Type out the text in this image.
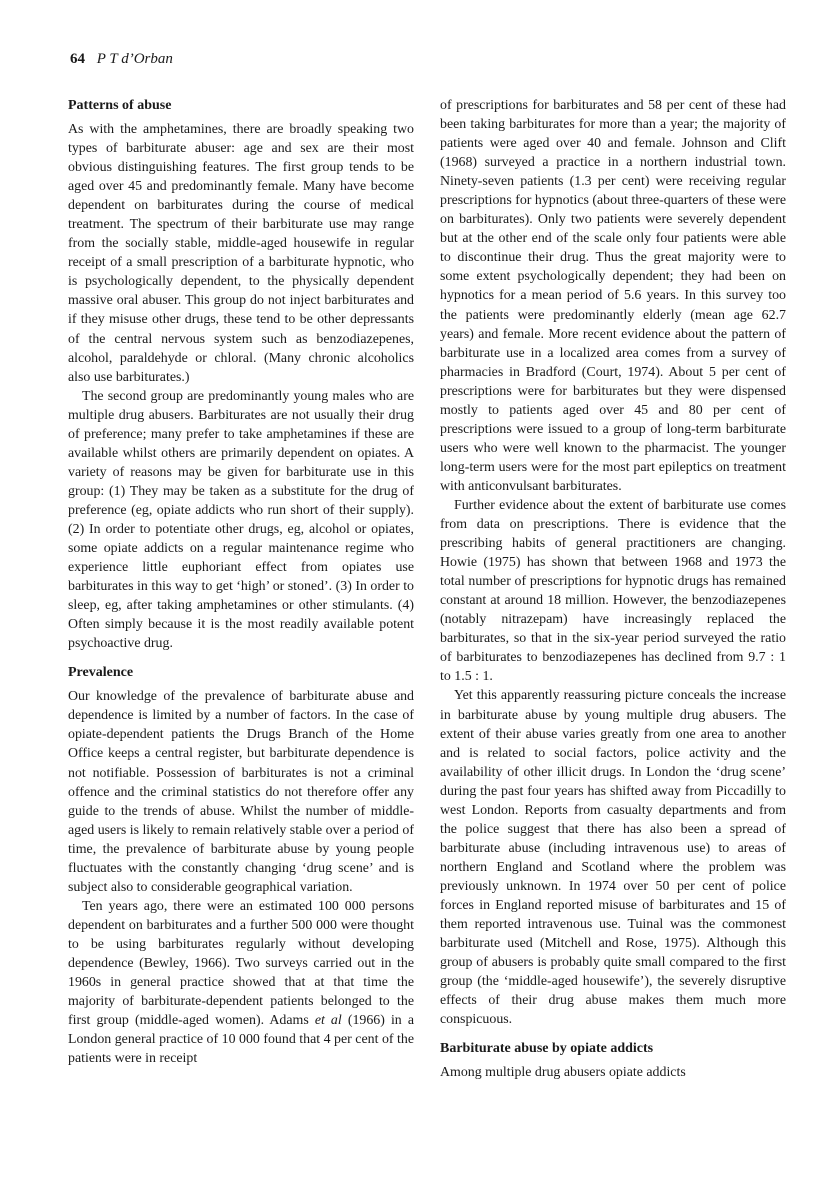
64 P T d’Orban
Patterns of abuse

As with the amphetamines, there are broadly speaking two types of barbiturate abuser: age and sex are their most obvious distinguishing features. The first group tends to be aged over 45 and predominantly female. Many have become dependent on barbiturates during the course of medical treatment. The spectrum of their barbiturate use may range from the socially stable, middle-aged housewife in regular receipt of a small prescription of a barbiturate hypnotic, who is psychologically dependent, to the physically dependent massive oral abuser. This group do not inject barbiturates and if they misuse other drugs, these tend to be other depressants of the central nervous system such as benzodiazepenes, alcohol, paraldehyde or chloral. (Many chronic alcoholics also use barbiturates.)

The second group are predominantly young males who are multiple drug abusers. Barbiturates are not usually their drug of preference; many prefer to take amphetamines if these are available whilst others are primarily dependent on opiates. A variety of reasons may be given for barbiturate use in this group: (1) They may be taken as a substitute for the drug of preference (eg, opiate addicts who run short of their supply). (2) In order to potentiate other drugs, eg, alcohol or opiates, some opiate addicts on a regular maintenance regime who experience little euphoriant effect from opiates use barbiturates in this way to get ‘high’ or stoned’. (3) In order to sleep, eg, after taking amphetamines or other stimulants. (4) Often simply because it is the most readily available potent psychoactive drug.

Prevalence

Our knowledge of the prevalence of barbiturate abuse and dependence is limited by a number of factors. In the case of opiate-dependent patients the Drugs Branch of the Home Office keeps a central register, but barbiturate dependence is not notifiable. Possession of barbiturates is not a criminal offence and the criminal statistics do not therefore offer any guide to the trends of abuse. Whilst the number of middle-aged users is likely to remain relatively stable over a period of time, the prevalence of barbiturate abuse by young people fluctuates with the constantly changing ‘drug scene’ and is subject also to considerable geographical variation.

Ten years ago, there were an estimated 100 000 persons dependent on barbiturates and a further 500 000 were thought to be using barbiturates regularly without developing dependence (Bewley, 1966). Two surveys carried out in the 1960s in general practice showed that at that time the majority of barbiturate-dependent patients belonged to the first group (middle-aged women). Adams et al (1966) in a London general practice of 10 000 found that 4 per cent of the patients were in receipt

of prescriptions for barbiturates and 58 per cent of these had been taking barbiturates for more than a year; the majority of patients were aged over 40 and female. Johnson and Clift (1968) surveyed a practice in a northern industrial town. Ninety-seven patients (1.3 per cent) were receiving regular prescriptions for hypnotics (about three-quarters of these were on barbiturates). Only two patients were severely dependent but at the other end of the scale only four patients were able to discontinue their drug. Thus the great majority were to some extent psychologically dependent; they had been on hypnotics for a mean period of 5.6 years. In this survey too the patients were predominantly elderly (mean age 62.7 years) and female. More recent evidence about the pattern of barbiturate use in a localized area comes from a survey of pharmacies in Bradford (Court, 1974). About 5 per cent of prescriptions were for barbiturates but they were dispensed mostly to patients aged over 45 and 80 per cent of prescriptions were issued to a group of long-term barbiturate users who were well known to the pharmacist. The younger long-term users were for the most part epileptics on treatment with anticonvulsant barbiturates.

Further evidence about the extent of barbiturate use comes from data on prescriptions. There is evidence that the prescribing habits of general practitioners are changing. Howie (1975) has shown that between 1968 and 1973 the total number of prescriptions for hypnotic drugs has remained constant at around 18 million. However, the benzodiazepenes (notably nitrazepam) have increasingly replaced the barbiturates, so that in the six-year period surveyed the ratio of barbiturates to benzodiazepenes has declined from 9.7 : 1 to 1.5 : 1.

Yet this apparently reassuring picture conceals the increase in barbiturate abuse by young multiple drug abusers. The extent of their abuse varies greatly from one area to another and is related to social factors, police activity and the availability of other illicit drugs. In London the ‘drug scene’ during the past four years has shifted away from Piccadilly to west London. Reports from casualty departments and from the police suggest that there has also been a spread of barbiturate abuse (including intravenous use) to areas of northern England and Scotland where the problem was previously unknown. In 1974 over 50 per cent of police forces in England reported misuse of barbiturates and 15 of them reported intravenous use. Tuinal was the commonest barbiturate used (Mitchell and Rose, 1975). Although this group of abusers is probably quite small compared to the first group (the ‘middle-aged housewife’), the severely disruptive effects of their drug abuse makes them much more conspicuous.

Barbiturate abuse by opiate addicts

Among multiple drug abusers opiate addicts
